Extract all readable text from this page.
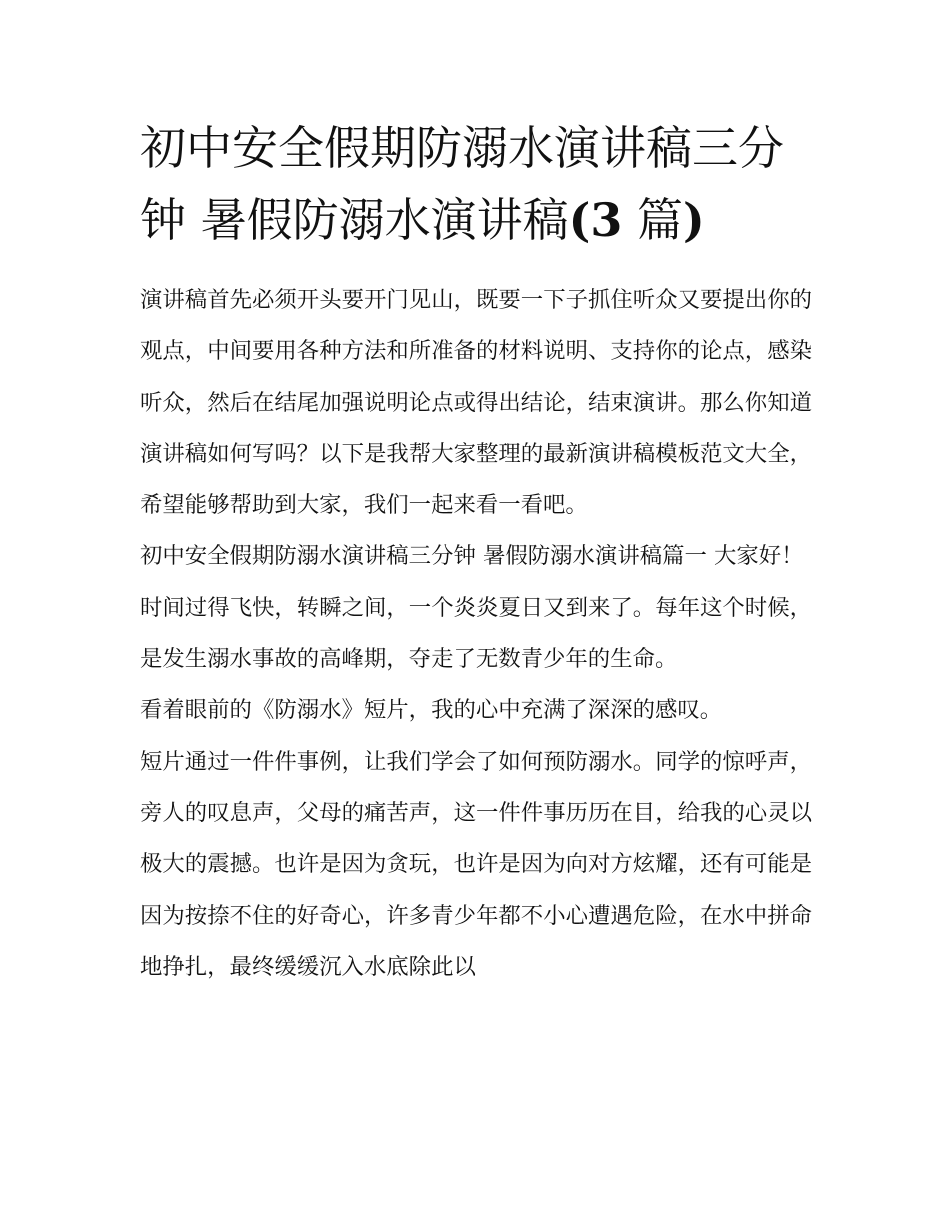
初中安全假期防溺水演讲稿三分钟 暑假防溺水演讲稿(3 篇)

演讲稿首先必须开头要开门见山，既要一下子抓住听众又要提出你的观点，中间要用各种方法和所准备的材料说明、支持你的论点，感染听众，然后在结尾加强说明论点或得出结论，结束演讲。那么你知道演讲稿如何写吗？以下是我帮大家整理的最新演讲稿模板范文大全，希望能够帮助到大家，我们一起来看一看吧。

初中安全假期防溺水演讲稿三分钟 暑假防溺水演讲稿篇一 大家好！

时间过得飞快，转瞬之间，一个炎炎夏日又到来了。每年这个时候，是发生溺水事故的高峰期，夺走了无数青少年的生命。

看着眼前的《防溺水》短片，我的心中充满了深深的感叹。

短片通过一件件事例，让我们学会了如何预防溺水。同学的惊呼声，旁人的叹息声，父母的痛苦声，这一件件事历历在目，给我的心灵以极大的震撼。也许是因为贪玩，也许是因为向对方炫耀，还有可能是因为按捺不住的好奇心，许多青少年都不小心遭遇危险，在水中拼命地挣扎，最终缓缓沉入水底除此以
